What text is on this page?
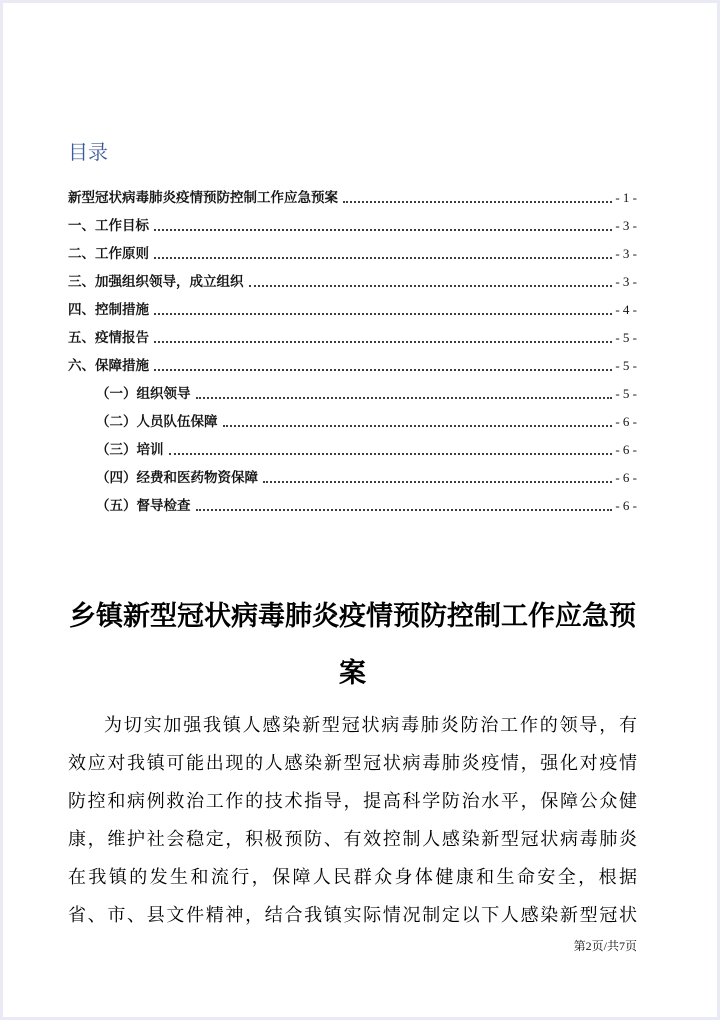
目录
新型冠状病毒肺炎疫情预防控制工作应急预案	- 1 -
一、工作目标	- 3 -
二、工作原则	- 3 -
三、加强组织领导，成立组织	- 3 -
四、控制措施	- 4 -
五、疫情报告	- 5 -
六、保障措施	- 5 -
（一）组织领导	- 5 -
（二）人员队伍保障	- 6 -
（三）培训	- 6 -
（四）经费和医药物资保障	- 6 -
（五）督导检查	- 6 -
乡镇新型冠状病毒肺炎疫情预防控制工作应急预案
为切实加强我镇人感染新型冠状病毒肺炎防治工作的领导，有
效应对我镇可能出现的人感染新型冠状病毒肺炎疫情，强化对疫情
防控和病例救治工作的技术指导，提高科学防治水平，保障公众健
康，维护社会稳定，积极预防、有效控制人感染新型冠状病毒肺炎
在我镇的发生和流行，保障人民群众身体健康和生命安全，根据
省、市、县文件精神，结合我镇实际情况制定以下人感染新型冠状
第2页/共7页
